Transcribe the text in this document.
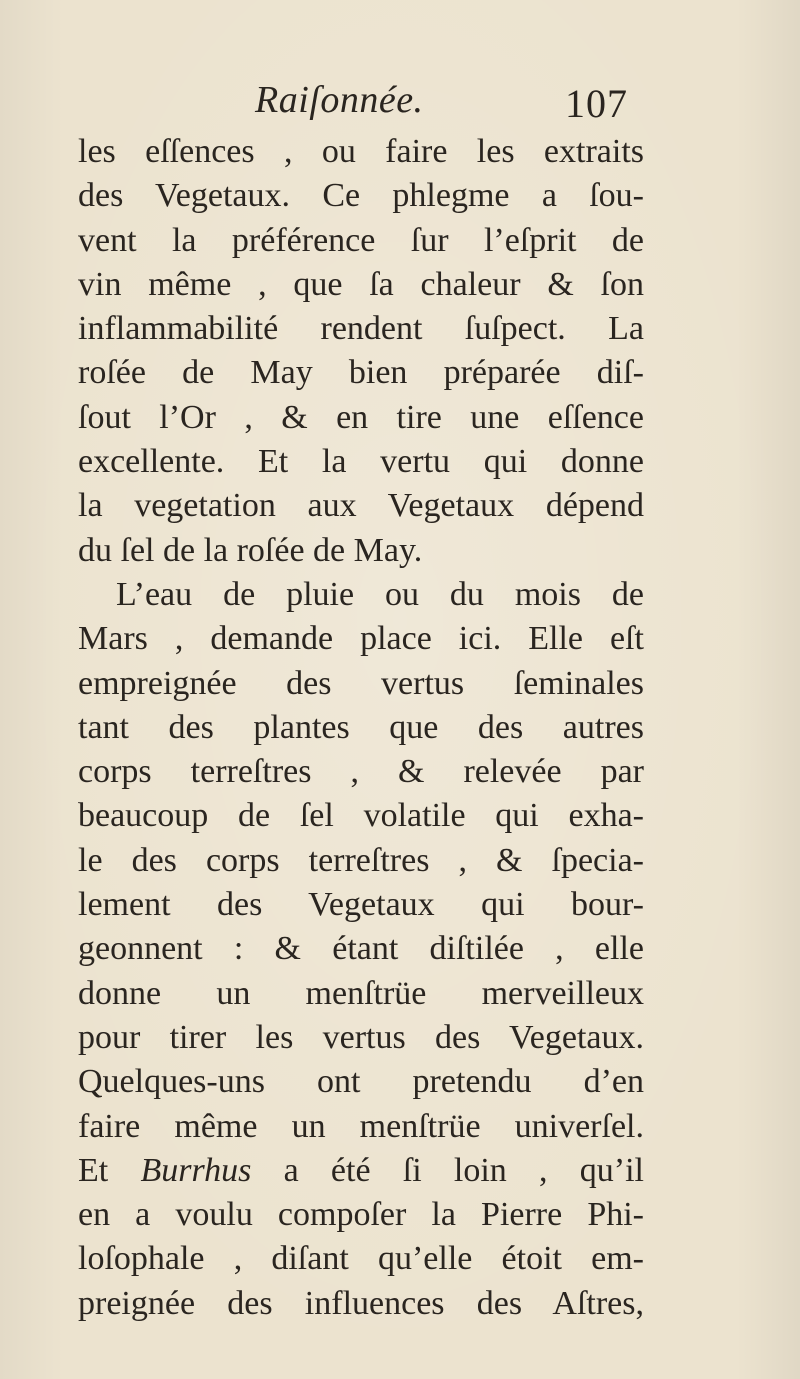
Raiſonnée.	107
les eſſences , ou faire les extraits
des Vegetaux. Ce phlegme a ſou-
vent la préférence ſur l’eſprit de
vin même , que ſa chaleur & ſon
inflammabilité rendent ſuſpect. La
roſée de May bien préparée diſ-
ſout l’Or , & en tire une eſſence
excellente. Et la vertu qui donne
la vegetation aux Vegetaux dépend
du ſel de la roſée de May.
L’eau de pluie ou du mois de
Mars , demande place ici. Elle eſt
empreignée des vertus ſeminales
tant des plantes que des autres
corps terreſtres , & relevée par
beaucoup de ſel volatile qui exha-
le des corps terreſtres , & ſpecia-
lement des Vegetaux qui bour-
geonnent : & étant diſtilée , elle
donne un menſtrüe merveilleux
pour tirer les vertus des Vegetaux.
Quelques-uns ont pretendu d’en
faire même un menſtrüe univerſel.
Et Burrhus a été ſi loin , qu’il
en a voulu compoſer la Pierre Phi-
loſophale , diſant qu’elle étoit em-
preignée des influences des Aſtres,
